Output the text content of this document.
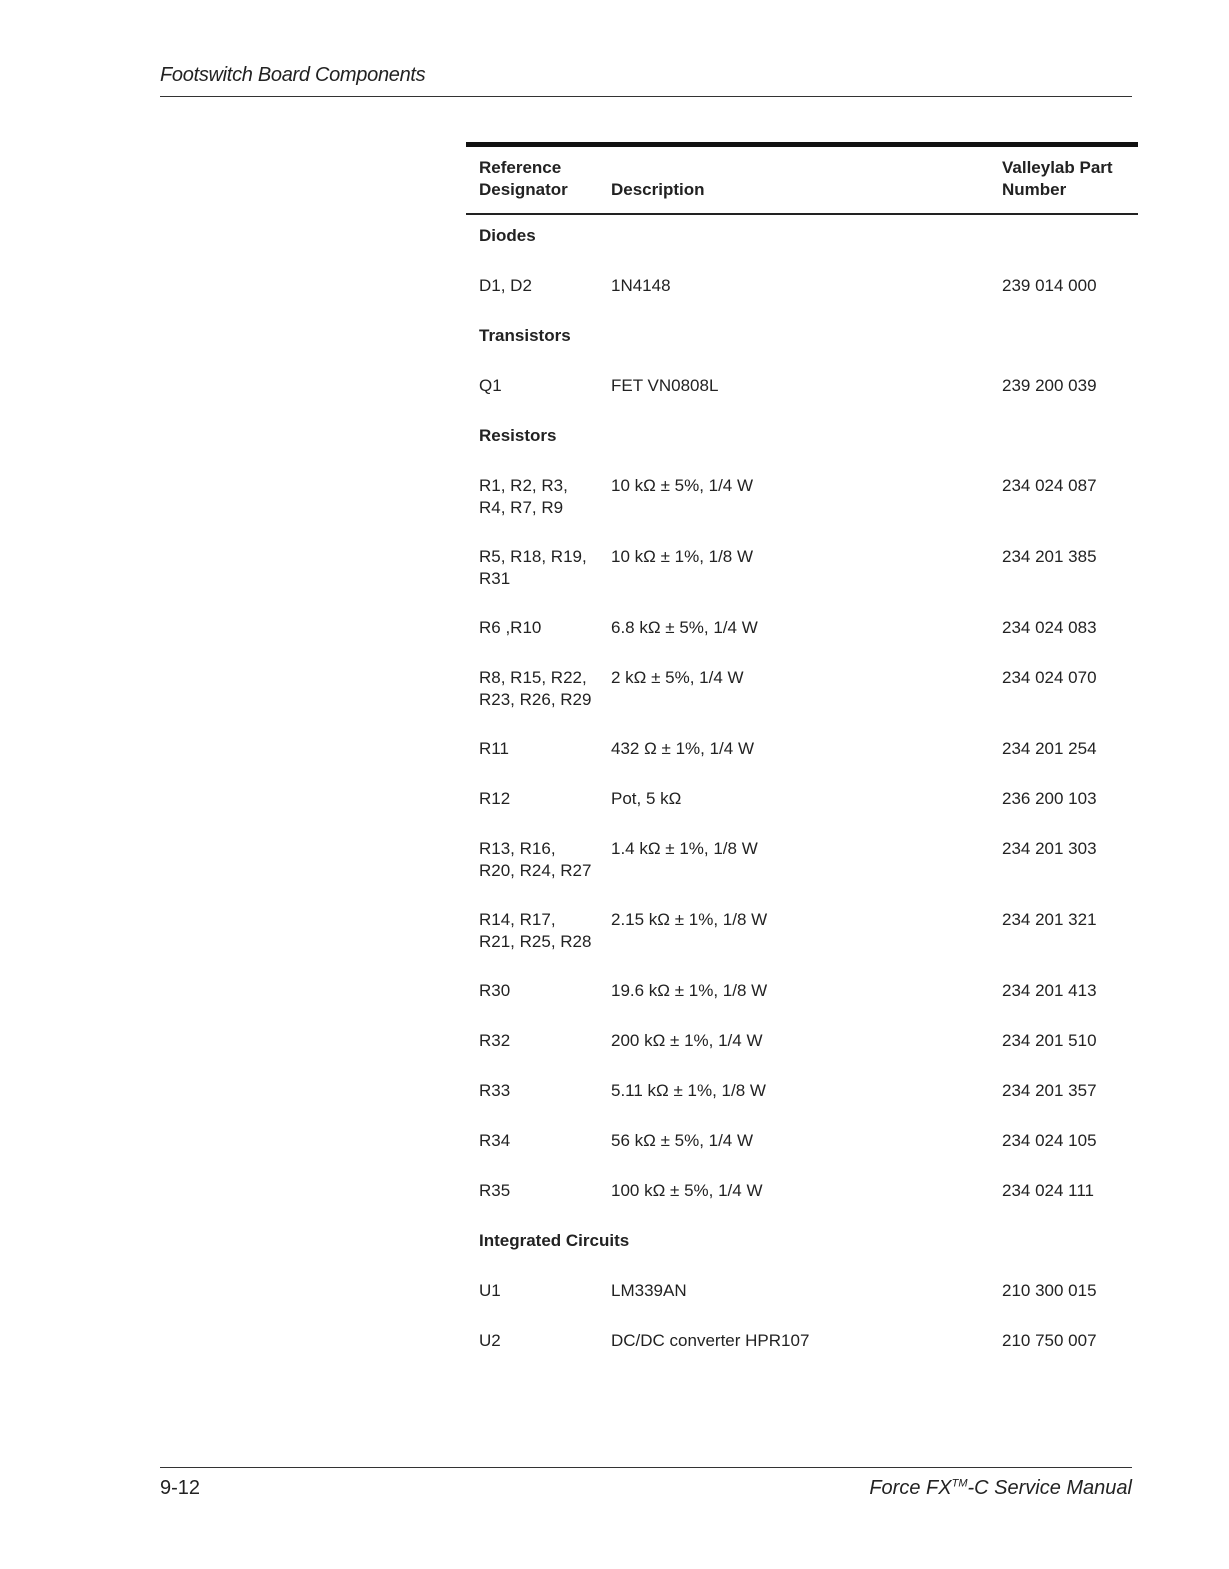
Footswitch Board Components
Reference
Designator	Description
Valleylab Part
Number
Diodes
D1, D2	1N4148	239 014 000
Transistors
Q1	FET VN0808L	239 200 039
Resistors
R1, R2, R3,
R4, R7, R9
10 kΩ ± 5%, 1/4 W	234 024 087
R5, R18, R19,
R31
10 kΩ ± 1%, 1/8 W	234 201 385
R6 ,R10	6.8 kΩ ± 5%, 1/4 W	234 024 083
R8, R15, R22,
R23, R26, R29
2 kΩ ± 5%, 1/4 W	234 024 070
R11	432 Ω ± 1%, 1/4 W	234 201 254
R12	Pot, 5 kΩ	236 200 103
R13, R16,
R20, R24, R27
1.4 kΩ ± 1%, 1/8 W	234 201 303
R14, R17,
R21, R25, R28
2.15 kΩ ± 1%, 1/8 W	234 201 321
R30	19.6 kΩ ± 1%, 1/8 W	234 201 413
R32	200 kΩ ± 1%, 1/4 W	234 201 510
R33	5.11 kΩ ± 1%, 1/8 W	234 201 357
R34	56 kΩ ± 5%, 1/4 W	234 024 105
R35	100 kΩ ± 5%, 1/4 W	234 024 111
Integrated Circuits
U1	LM339AN	210 300 015
U2	DC/DC converter HPR107	210 750 007
9-12	Force FX™-C Service Manual
